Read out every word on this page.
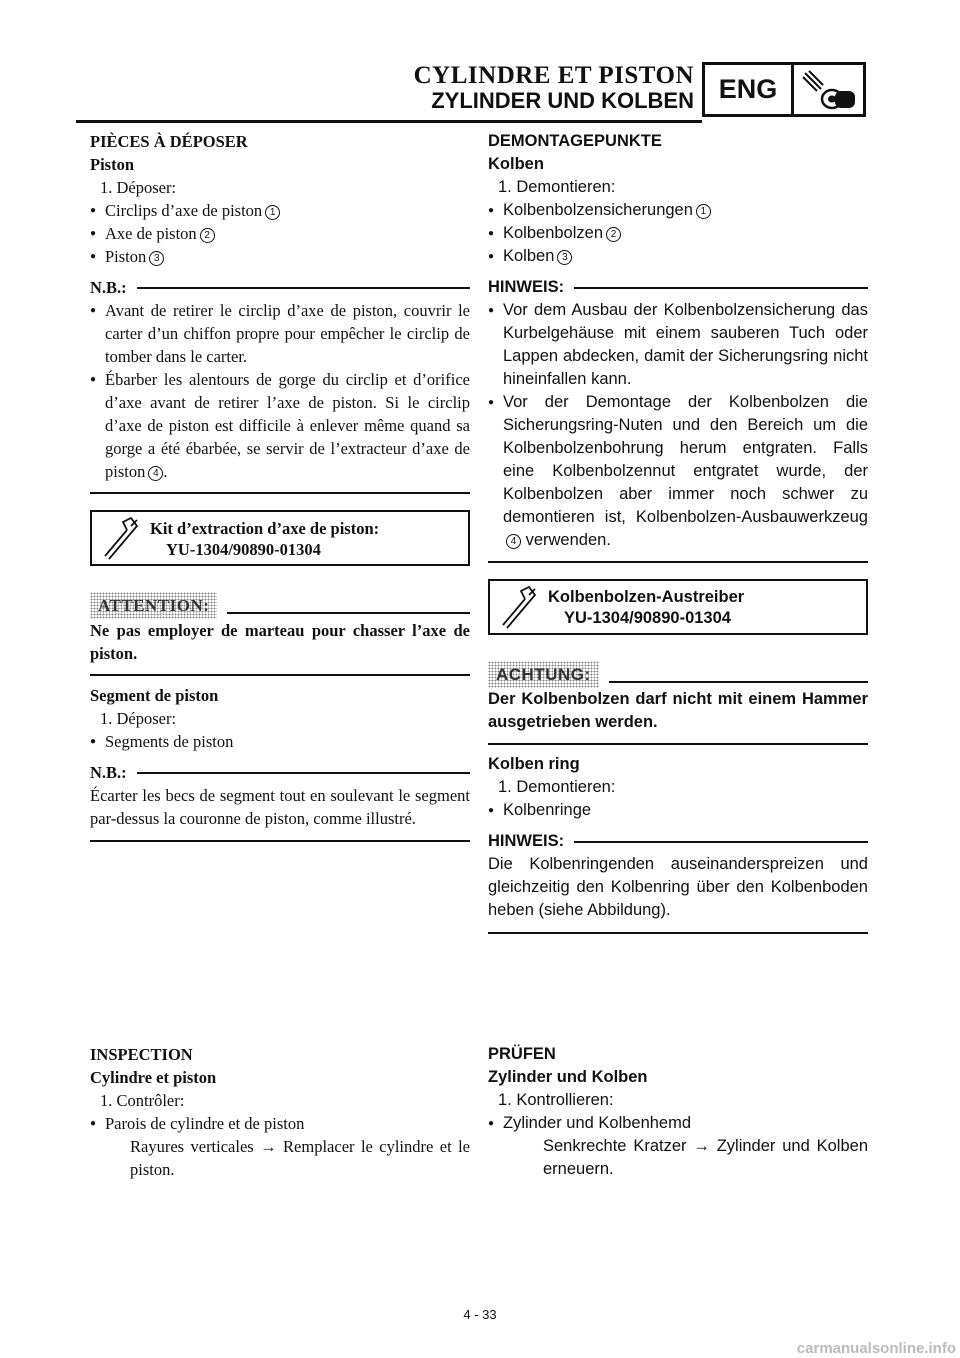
CYLINDRE ET PISTON
ZYLINDER UND KOLBEN ENG

PIÈCES À DÉPOSER

Piston

1. Déposer:

● Circlips d’axe de piston 1

● Axe de piston 2

● Piston 3

N.B.:

● Avant de retirer le circlip d’axe de piston, couvrir le carter d’un chiffon propre pour empêcher le circlip de tomber dans le carter.

● Ébarber les alentours de gorge du circlip et d’orifice d’axe avant de retirer l’axe de piston. Si le circlip d’axe de piston est difficile à enlever même quand sa gorge a été ébarbée, se servir de l’extracteur d’axe de piston 4 .

Kit d’extraction d’axe de piston:
YU-1304/90890-01304
ATTENTION:

Ne pas employer de marteau pour chasser l’axe de piston.

Segment de piston

1. Déposer:

● Segments de piston

N.B.:

Écarter les becs de segment tout en soulevant le segment par-dessus la couronne de piston, comme illustré.

INSPECTION

Cylindre et piston

1. Contrôler:

● Parois de cylindre et de piston

Rayures verticales → Remplacer le cylindre et le piston.

DEMONTAGEPUNKTE

Kolben

1. Demontieren:

● Kolbenbolzensicherungen 1

● Kolbenbolzen 2

● Kolben 3

HINWEIS:

● Vor dem Ausbau der Kolbenbolzensicherung das Kurbelgehäuse mit einem sauberen Tuch oder Lappen abdecken, damit der Sicherungsring nicht hineinfallen kann.

● Vor der Demontage der Kolbenbolzen die Sicherungsring-Nuten und den Bereich um die Kolbenbolzenbohrung herum entgraten. Falls eine Kolbenbolzennut entgratet wurde, der Kolbenbolzen aber immer noch schwer zu demontieren ist, Kolbenbolzen-Ausbauwerkzeug4 verwenden.

Kolbenbolzen-Austreiber
YU-1304/90890-01304
ACHTUNG:

Der Kolbenbolzen darf nicht mit einem Hammer ausgetrieben werden.

Kolben ring

1. Demontieren:

● Kolbenringe

HINWEIS:

Die Kolbenringenden auseinanderspreizen und gleichzeitig den Kolbenring über den Kolbenboden heben (siehe Abbildung).

PRÜFEN

Zylinder und Kolben

1. Kontrollieren:

● Zylinder und Kolbenhemd

Senkrechte Kratzer → Zylinder und Kolben erneuern.

4 - 33
carmanualsonline.info
